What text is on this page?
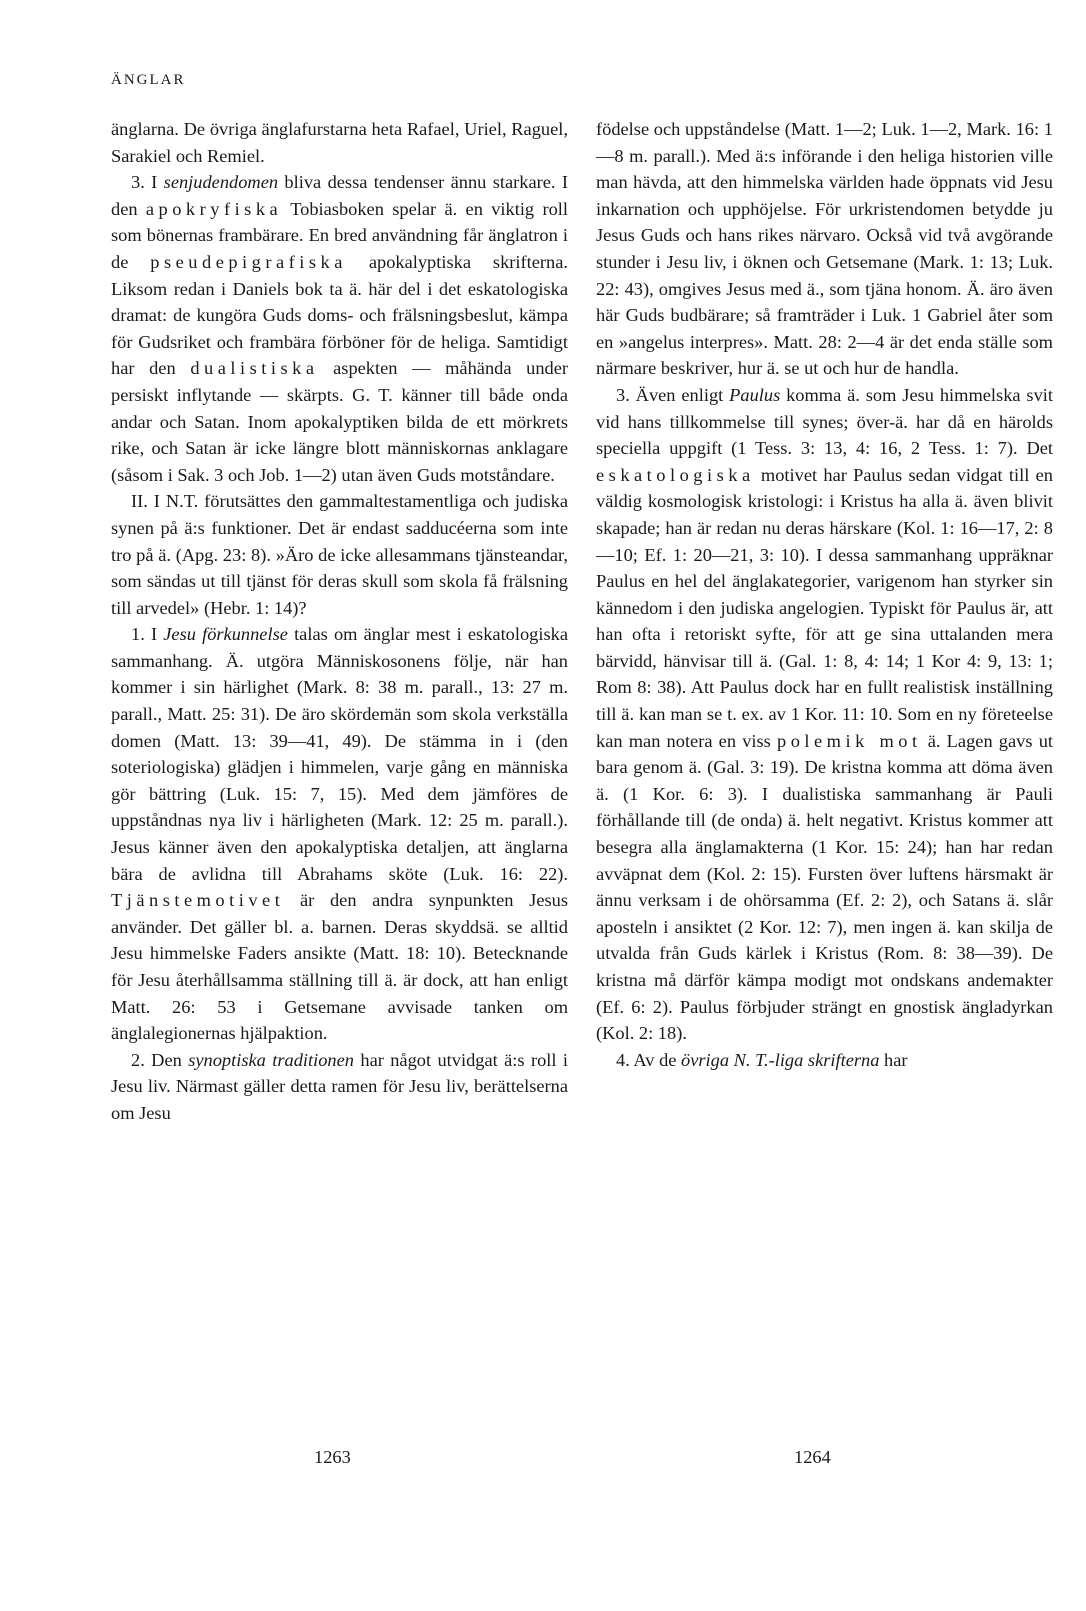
ÄNGLAR

änglarna. De övriga änglafurstarna heta Rafael, Uriel, Raguel, Sarakiel och Remiel.

3. I senjudendomen bliva dessa tendenser ännu starkare. I den apokryfiska Tobiasboken spelar ä. en viktig roll som bönernas frambärare. En bred användning får änglatron i de pseudepigrafiska apokalyptiska skrifterna. Liksom redan i Daniels bok ta ä. här del i det eskatologiska dramat: de kungöra Guds doms- och frälsningsbeslut, kämpa för Gudsriket och frambära förböner för de heliga. Samtidigt har den dualistiska aspekten — måhända under persiskt inflytande — skärpts. G. T. känner till både onda andar och Satan. Inom apokalyptiken bilda de ett mörkrets rike, och Satan är icke längre blott människornas anklagare (såsom i Sak. 3 och Job. 1—2) utan även Guds motståndare.

II. I N.T. förutsättes den gammaltestamentliga och judiska synen på ä:s funktioner. Det är endast sadducéerna som inte tro på ä. (Apg. 23: 8). »Äro de icke allesammans tjänsteandar, som sändas ut till tjänst för deras skull som skola få frälsning till arvedel» (Hebr. 1: 14)?

1. I Jesu förkunnelse talas om änglar mest i eskatologiska sammanhang. Ä. utgöra Människosonens följe, när han kommer i sin härlighet (Mark. 8: 38 m. parall., 13: 27 m. parall., Matt. 25: 31). De äro skördemän som skola verkställa domen (Matt. 13: 39—41, 49). De stämma in i (den soteriologiska) glädjen i himmelen, varje gång en människa gör bättring (Luk. 15: 7, 15). Med dem jämföres de uppståndnas nya liv i härligheten (Mark. 12: 25 m. parall.). Jesus känner även den apokalyptiska detaljen, att änglarna bära de avlidna till Abrahams sköte (Luk. 16: 22). Tjänstemotivet är den andra synpunkten Jesus använder. Det gäller bl. a. barnen. Deras skyddsä. se alltid Jesu himmelske Faders ansikte (Matt. 18: 10). Betecknande för Jesu återhållsamma ställning till ä. är dock, att han enligt Matt. 26: 53 i Getsemane avvisade tanken om änglalegionernas hjälpaktion.

2. Den synoptiska traditionen har något utvidgat ä:s roll i Jesu liv. Närmast gäller detta ramen för Jesu liv, berättelserna om Jesu

födelse och uppståndelse (Matt. 1—2; Luk. 1—2, Mark. 16: 1—8 m. parall.). Med ä:s införande i den heliga historien ville man hävda, att den himmelska världen hade öppnats vid Jesu inkarnation och upphöjelse. För urkristendomen betydde ju Jesus Guds och hans rikes närvaro. Också vid två avgörande stunder i Jesu liv, i öknen och Getsemane (Mark. 1: 13; Luk. 22: 43), omgives Jesus med ä., som tjäna honom. Ä. äro även här Guds budbärare; så framträder i Luk. 1 Gabriel åter som en »angelus interpres». Matt. 28: 2—4 är det enda ställe som närmare beskriver, hur ä. se ut och hur de handla.

3. Även enligt Paulus komma ä. som Jesu himmelska svit vid hans tillkommelse till synes; över-ä. har då en härolds speciella uppgift (1 Tess. 3: 13, 4: 16, 2 Tess. 1: 7). Det eskatologiska motivet har Paulus sedan vidgat till en väldig kosmologisk kristologi: i Kristus ha alla ä. även blivit skapade; han är redan nu deras härskare (Kol. 1: 16—17, 2: 8—10; Ef. 1: 20—21, 3: 10). I dessa sammanhang uppräknar Paulus en hel del änglakategorier, varigenom han styrker sin kännedom i den judiska angelogien. Typiskt för Paulus är, att han ofta i retoriskt syfte, för att ge sina uttalanden mera bärvidd, hänvisar till ä. (Gal. 1: 8, 4: 14; 1 Kor 4: 9, 13: 1; Rom 8: 38). Att Paulus dock har en fullt realistisk inställning till ä. kan man se t. ex. av 1 Kor. 11: 10. Som en ny företeelse kan man notera en viss polemik mot ä. Lagen gavs ut bara genom ä. (Gal. 3: 19). De kristna komma att döma även ä. (1 Kor. 6: 3). I dualistiska sammanhang är Pauli förhållande till (de onda) ä. helt negativt. Kristus kommer att besegra alla änglamakterna (1 Kor. 15: 24); han har redan avväpnat dem (Kol. 2: 15). Fursten över luftens härsmakt är ännu verksam i de ohörsamma (Ef. 2: 2), och Satans ä. slår aposteln i ansiktet (2 Kor. 12: 7), men ingen ä. kan skilja de utvalda från Guds kärlek i Kristus (Rom. 8: 38—39). De kristna må därför kämpa modigt mot ondskans andemakter (Ef. 6: 2). Paulus förbjuder strängt en gnostisk ängladyrkan (Kol. 2: 18).

4. Av de övriga N. T.-liga skrifterna har

1263	1264
